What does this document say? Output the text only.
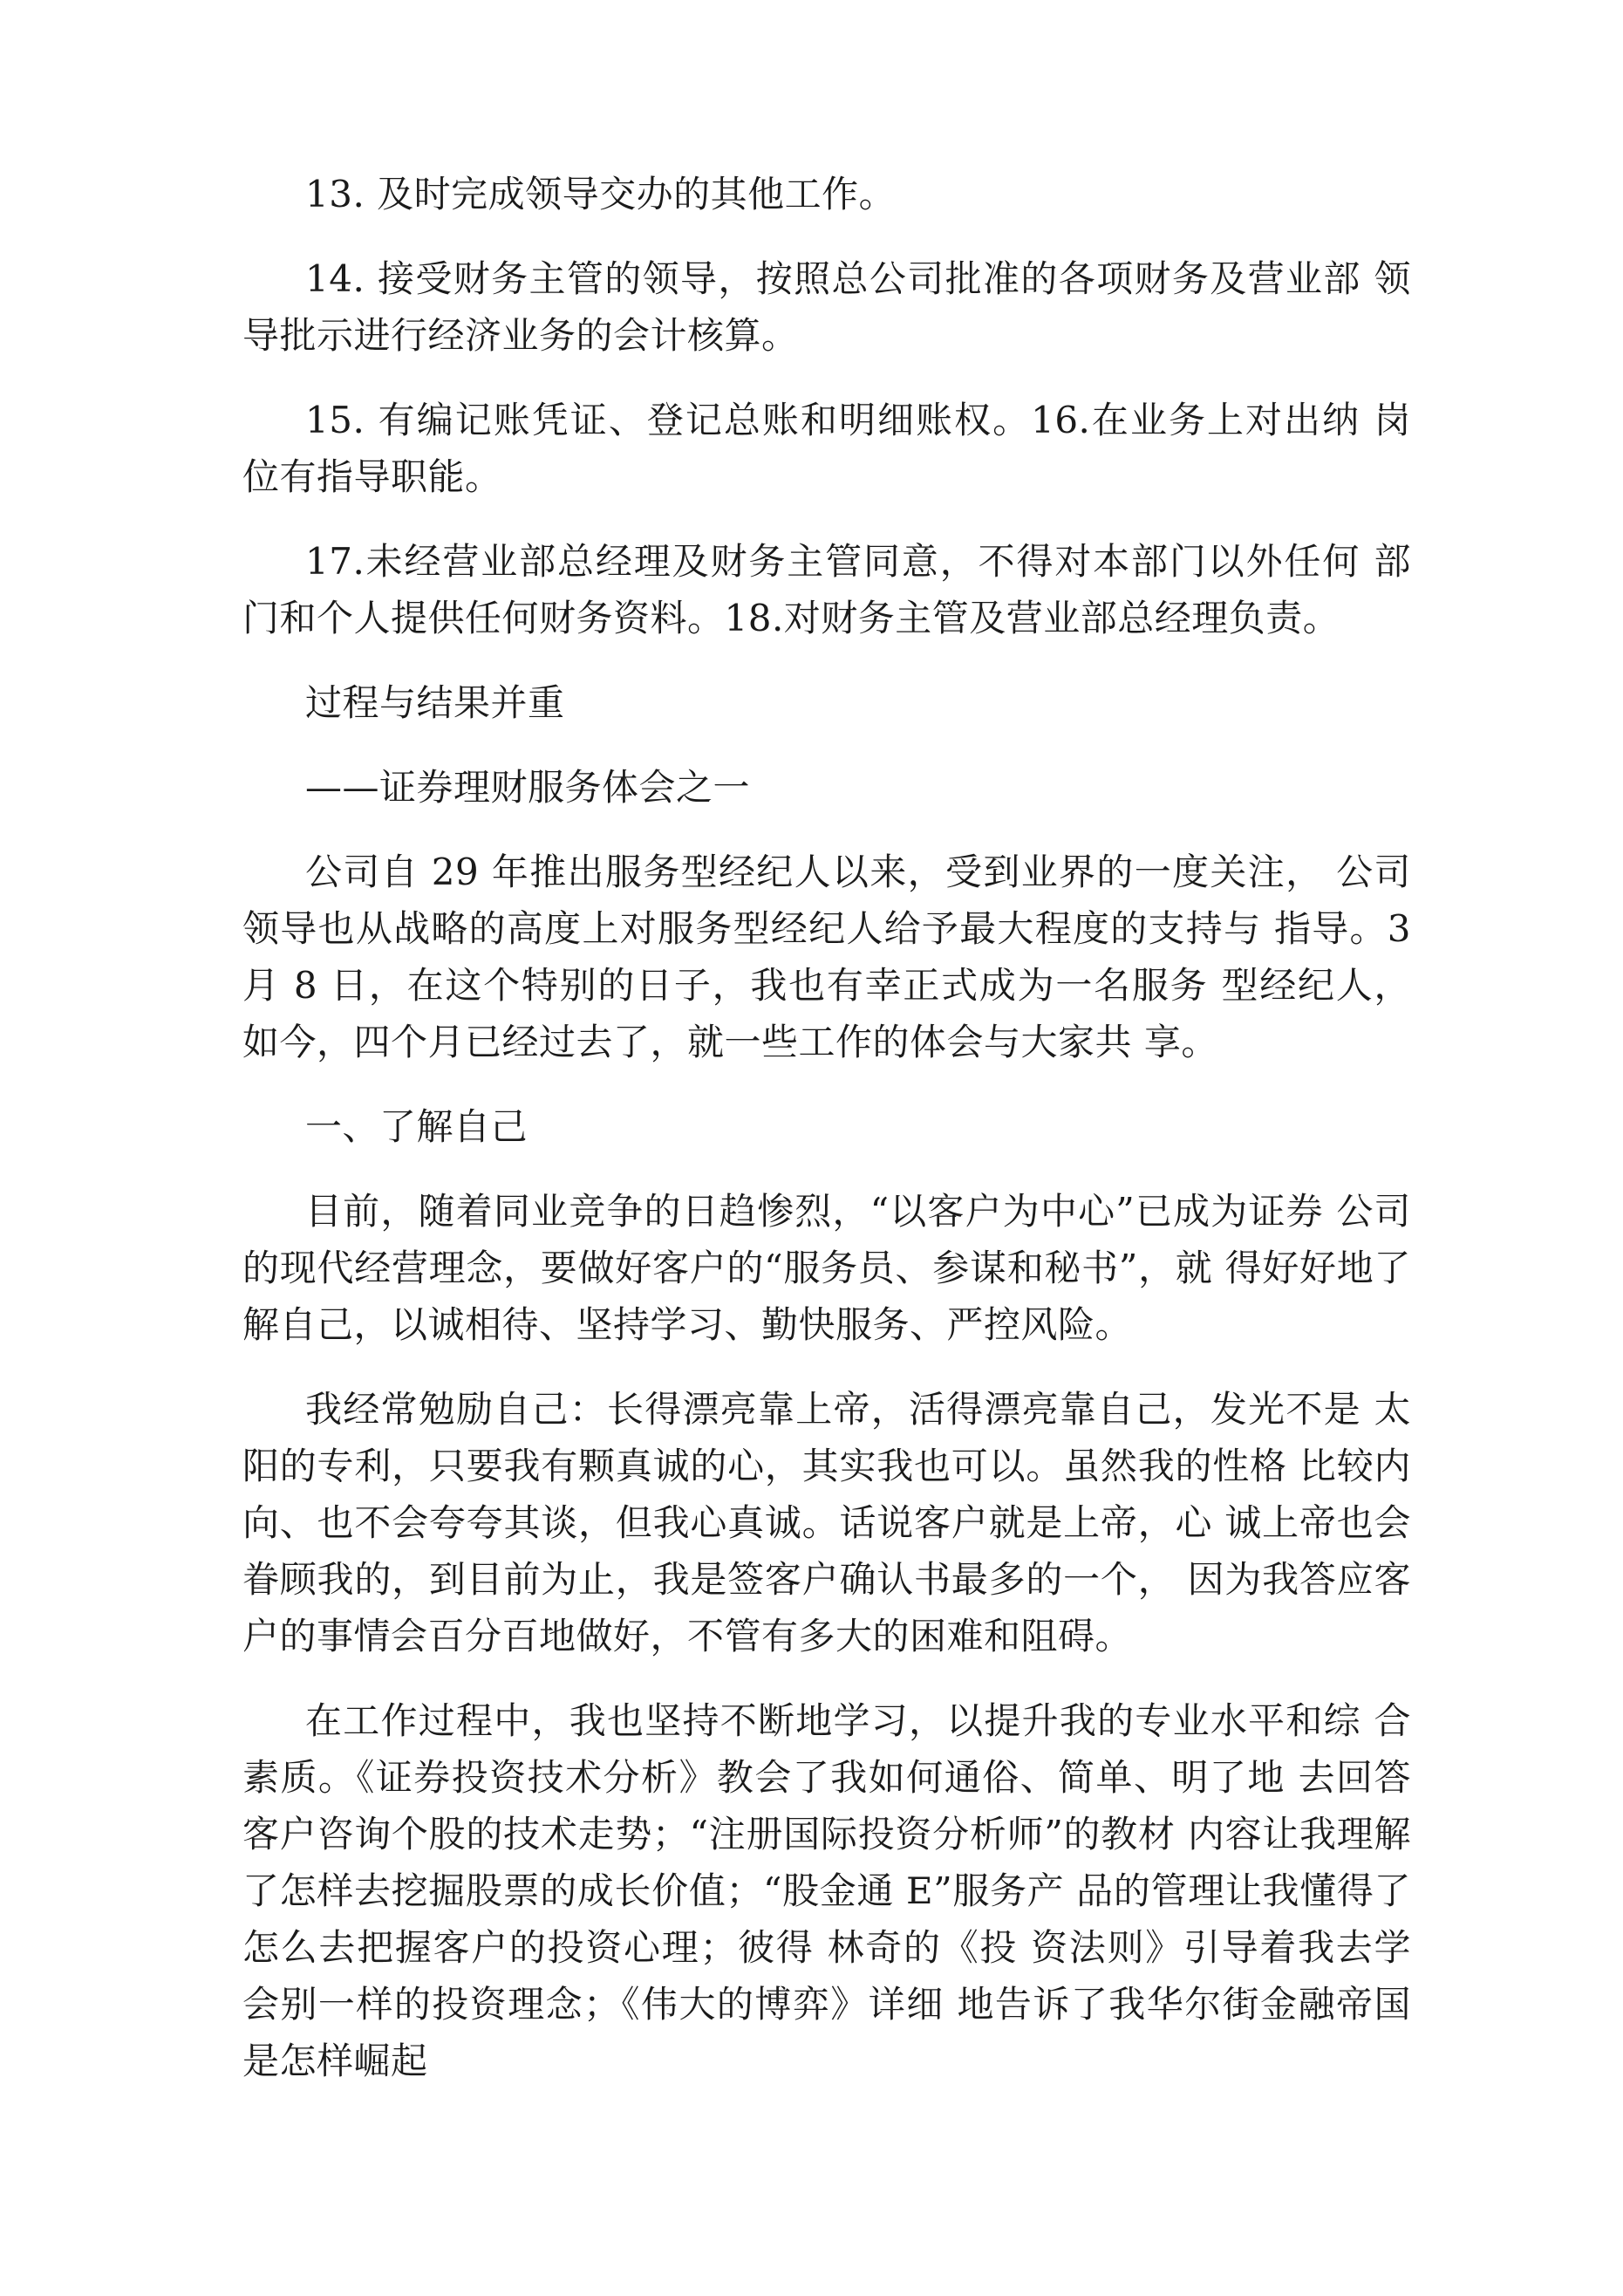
13. 及时完成领导交办的其他工作。

14. 接受财务主管的领导，按照总公司批准的各项财务及营业部 领导批示进行经济业务的会计核算。

15. 有编记账凭证、登记总账和明细账权。16.在业务上对出纳 岗位有指导职能。

17.未经营业部总经理及财务主管同意，不得对本部门以外任何 部门和个人提供任何财务资料。18.对财务主管及营业部总经理负责。

过程与结果并重

——证券理财服务体会之一

公司自 29 年推出服务型经纪人以来，受到业界的一度关注， 公司领导也从战略的高度上对服务型经纪人给予最大程度的支持与 指导。3 月 8 日，在这个特别的日子，我也有幸正式成为一名服务 型经纪人，如今，四个月已经过去了，就一些工作的体会与大家共 享。

一、了解自己

目前，随着同业竞争的日趋惨烈，“以客户为中心”已成为证券 公司的现代经营理念，要做好客户的“服务员、参谋和秘书”，就 得好好地了解自己，以诚相待、坚持学习、勤快服务、严控风险。

我经常勉励自己：长得漂亮靠上帝，活得漂亮靠自己，发光不是 太阳的专利，只要我有颗真诚的心，其实我也可以。虽然我的性格 比较内向、也不会夸夸其谈，但我心真诚。话说客户就是上帝，心 诚上帝也会眷顾我的，到目前为止，我是签客户确认书最多的一个， 因为我答应客户的事情会百分百地做好，不管有多大的困难和阻碍。

在工作过程中，我也坚持不断地学习，以提升我的专业水平和综 合素质。《证券投资技术分析》教会了我如何通俗、简单、明了地 去回答客户咨询个股的技术走势；“注册国际投资分析师”的教材 内容让我理解了怎样去挖掘股票的成长价值；“股金通 E”服务产 品的管理让我懂得了怎么去把握客户的投资心理；彼得 林奇的《投 资法则》引导着我去学会别一样的投资理念；《伟大的博弈》详细 地告诉了我华尔街金融帝国是怎样崛起
